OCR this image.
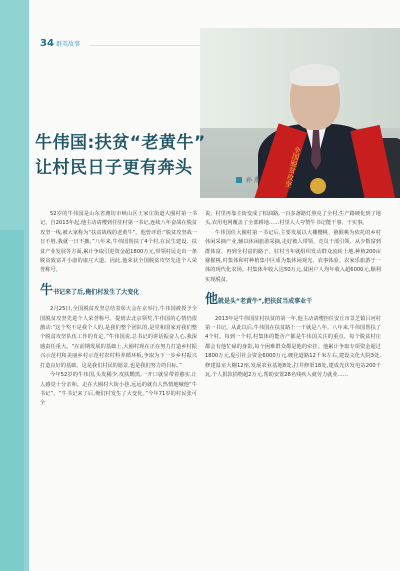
34 群英故事
全国脱贫攻坚
牛伟国:扶贫“老黄牛”
让村民日子更有奔头
孙 燕

52岁的牛伟国是山东省潍坊市峡山区王家庄街道大圈村第一书记。自2013年起,他主动请缨到任驻村第一书记,连续八年奋战在脱贫攻坚一线,被大家称为“扶贫战线的老黄牛”。他曾评语:“脱贫攻坚战一日不胜,我就一日不撤。”八年来,牛伟国帮扶了4个村,在民生建设、扶贫产业发展等方面,累计争取引进资金超1800万元,带领村民走出一条脱贫致富并小康的康庄大道。因此,他荣获全国脱贫攻坚先进个人荣誉称号。

牛书记来了后,俺们村发生了大变化

2月25日,全国脱贫攻坚总结表彰大会在京举行,牛伟国被授予全国脱贫攻坚先进个人荣誉称号。提到去北京领奖,牛伟国的心情仍很激动:“这个奖不是我个人的,是我们整个团队的,是党和国家对我们整个脱贫攻坚队伍工作的肯定。”牛伟国说,总书记的讲话振奋人心,我深感责任重大。“在前期发展的基础上,大圈村现在正在努力打造乡村振兴示范村和美丽乡村示范村农村科养循环板,争取为下一步乡村振兴打造良好的基础。这是我们村民的愿景,也是我们努力的目标。”

今年52岁的牛伟国,头发稀少,皮肤黝黑,一开口就显带着憨实,让人感觉十分亲和。走在大圈村大街小巷,远远的就有人热情地喊他“牛书记”。“牛书记来了后,俺们村发生了大变化。”今年71岁的村民张可全

说。村里再靠主街变成了柏油路,一百多盏路灯照亮了全村,生产路硬化到了地头,农用电网覆盖了全部耕地……村里人人夸赞牛书记能干事、干实事。

牛伟国任大圈村第一书记后,主要发展以大棚樱桃、猕猴桃为依托的乡村休闲采摘产业,辅以休闲旅游采摘,走好被人带领、竞员干部引领、从少数富到群体富、再到全村富的路子。驻村当年就组织发动群众流转土地,种植200亩猕猴桃,村集体和村种植集中区成为集休闲观光、农事体验、农家乐旅游于一体的现代化农场。村集体年收入达50万元,贫困户人均年收入超6000元,顺利实现脱贫。

他就是头“老黄牛”,把扶贫当成事业干

2013年是牛伟国驻村扶贫的第一年,他主动请缨担任安丘市景芝镇吕河村第一书记。从此以后,牛伟国在扶贫路上一干就是八年。八年来,牛伟国帮扶了4个村。每到一个村,村集体的能否产都是牛伟国关注的重点。每个脱贫村庄都会有他忙碌的身影,每个困难群众都是他的牵挂。他累计争取专项资金超过1800万元,促引社会资金6000万元,硬化道路12千米左右,建设文化大院3处,修建温室大棚12座,发展农业基地8处,打井修渠18处,建成光伏发电站200千瓦,个人捐款捐物超2万元,帮助安置28名残疾人就劳力就业……
